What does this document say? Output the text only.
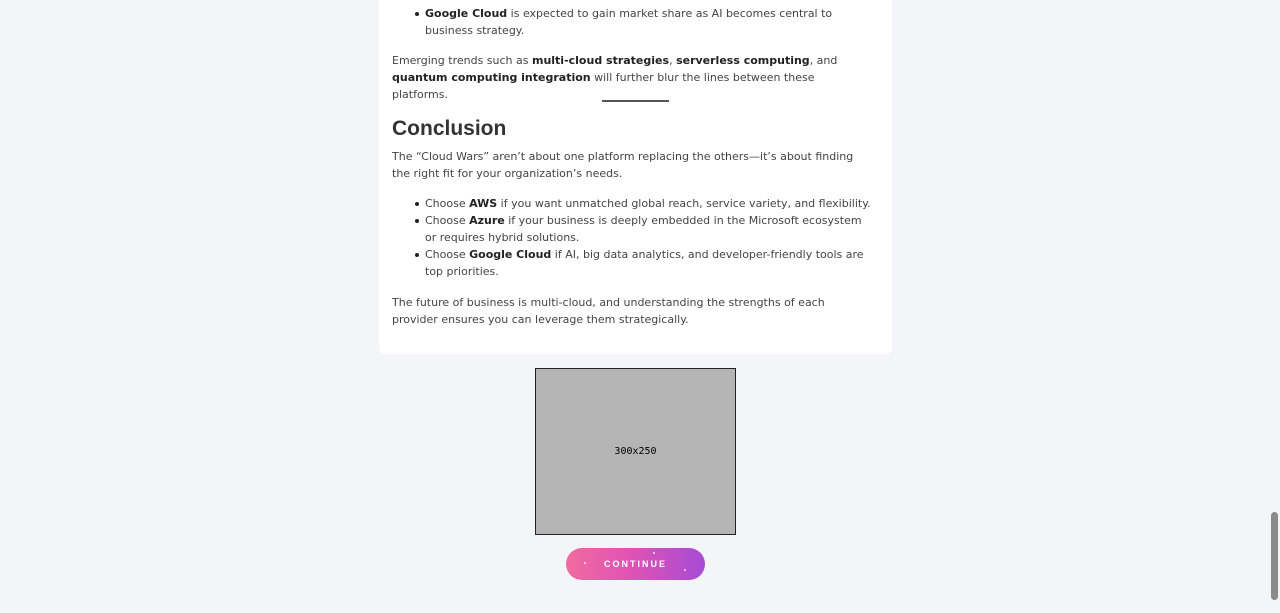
Google Cloud is expected to gain market share as AI becomes central to business strategy.

Emerging trends such as multi-cloud strategies, serverless computing, and quantum computing integration will further blur the lines between these platforms.

Conclusion

The “Cloud Wars” aren’t about one platform replacing the others—it’s about finding the right fit for your organization’s needs.

Choose AWS if you want unmatched global reach, service variety, and flexibility.
Choose Azure if your business is deeply embedded in the Microsoft ecosystem or requires hybrid solutions.
Choose Google Cloud if AI, big data analytics, and developer-friendly tools are top priorities.

The future of business is multi-cloud, and understanding the strengths of each provider ensures you can leverage them strategically.

300x250
CONTINUE
